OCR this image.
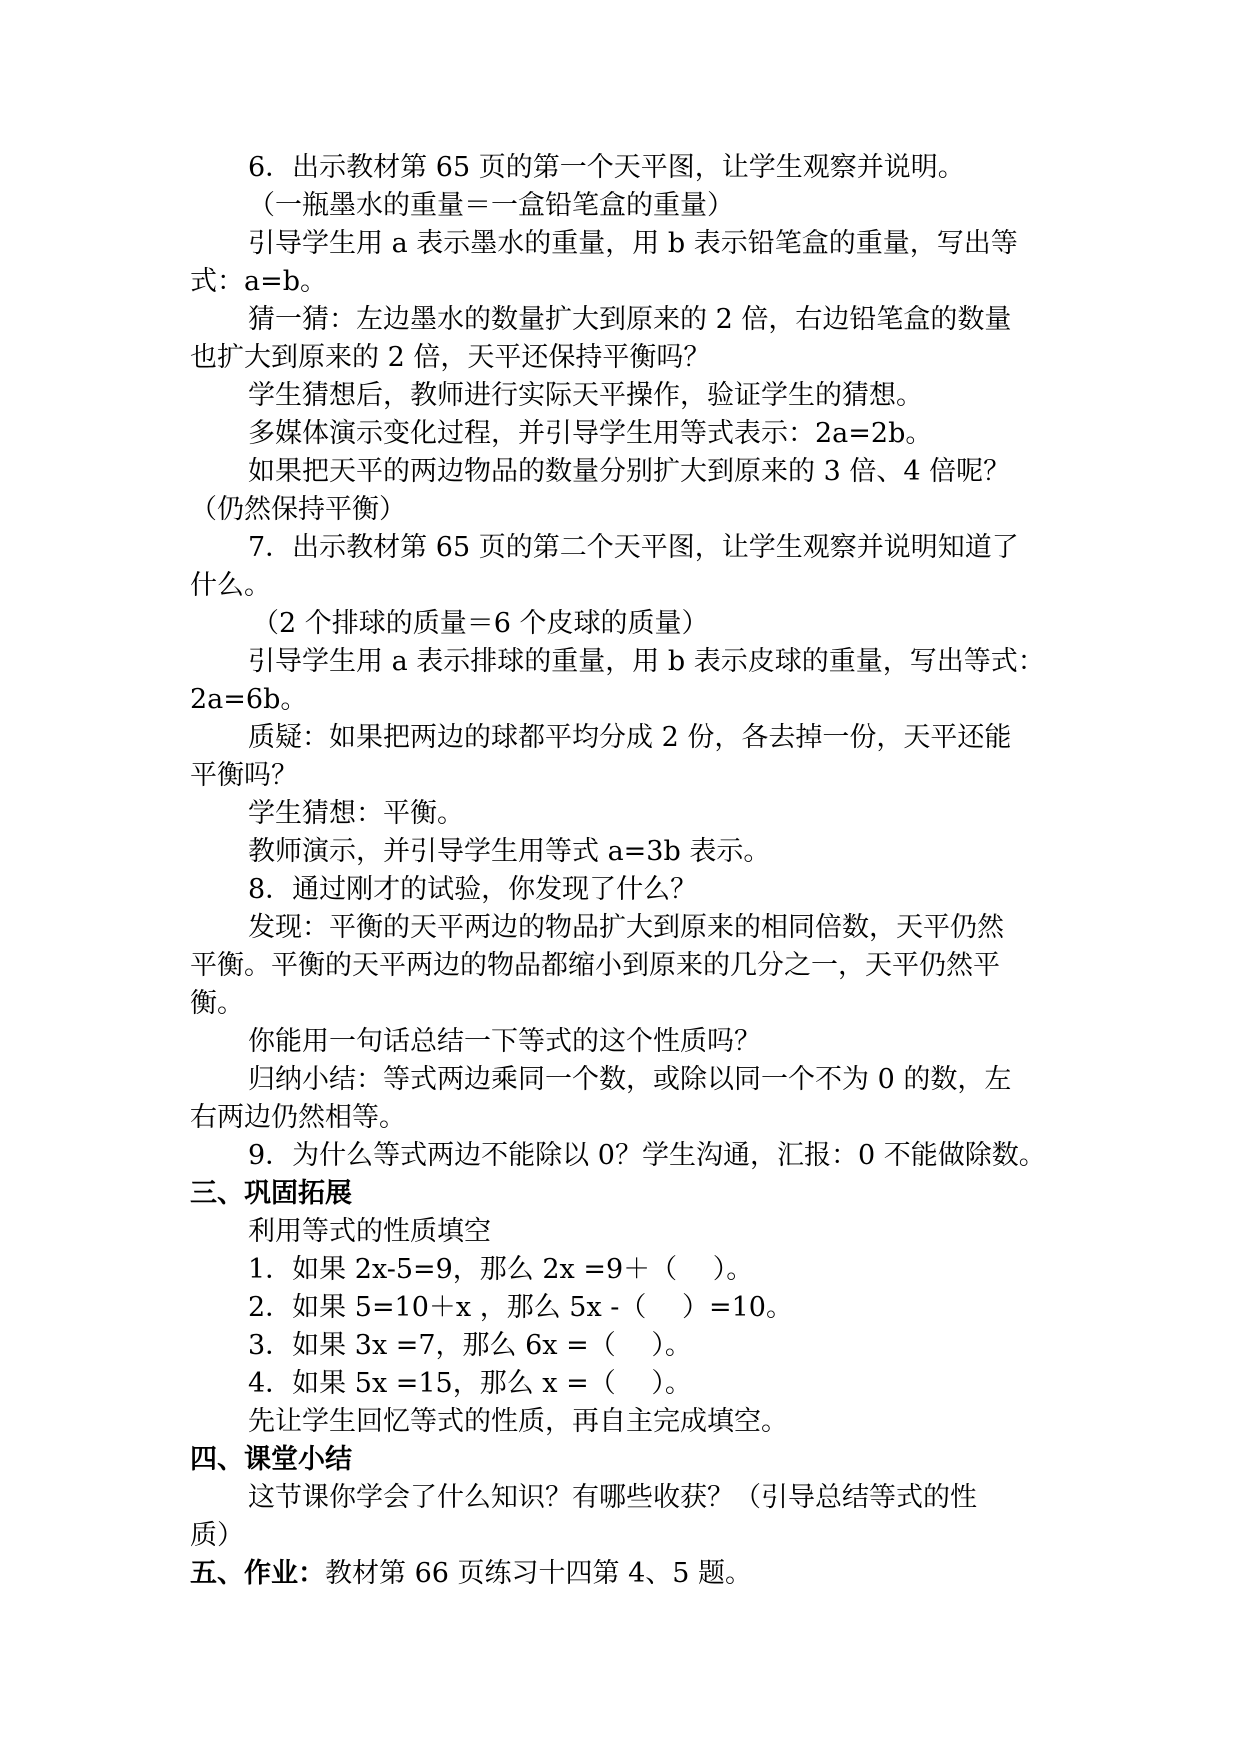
6．出示教材第 65 页的第一个天平图，让学生观察并说明。
（一瓶墨水的重量＝一盒铅笔盒的重量）
引导学生用 a 表示墨水的重量，用 b 表示铅笔盒的重量，写出等
式：a=b。
猜一猜：左边墨水的数量扩大到原来的 2 倍，右边铅笔盒的数量
也扩大到原来的 2 倍，天平还保持平衡吗？
学生猜想后，教师进行实际天平操作，验证学生的猜想。
多媒体演示变化过程，并引导学生用等式表示：2a=2b。
如果把天平的两边物品的数量分别扩大到原来的 3 倍、4 倍呢？
（仍然保持平衡）
7．出示教材第 65 页的第二个天平图，让学生观察并说明知道了
什么。
（2 个排球的质量＝6 个皮球的质量）
引导学生用 a 表示排球的重量，用 b 表示皮球的重量，写出等式：
2a=6b。
质疑：如果把两边的球都平均分成 2 份，各去掉一份，天平还能
平衡吗？
学生猜想：平衡。
教师演示，并引导学生用等式 a=3b 表示。
8．通过刚才的试验，你发现了什么？
发现：平衡的天平两边的物品扩大到原来的相同倍数，天平仍然
平衡。平衡的天平两边的物品都缩小到原来的几分之一，天平仍然平
衡。
你能用一句话总结一下等式的这个性质吗？
归纳小结：等式两边乘同一个数，或除以同一个不为 0 的数，左
右两边仍然相等。
9．为什么等式两边不能除以 0？学生沟通，汇报：0 不能做除数。
三、巩固拓展
利用等式的性质填空
1．如果 2x-5=9，那么 2x =9＋（　 ）。
2．如果 5=10＋x ，那么 5x -（　 ）=10。
3．如果 3x =7，那么 6x =（　 ）。
4．如果 5x =15，那么 x =（　 ）。
先让学生回忆等式的性质，再自主完成填空。
四、课堂小结
这节课你学会了什么知识？有哪些收获？（引导总结等式的性
质）
五、作业：教材第 66 页练习十四第 4、5 题。
